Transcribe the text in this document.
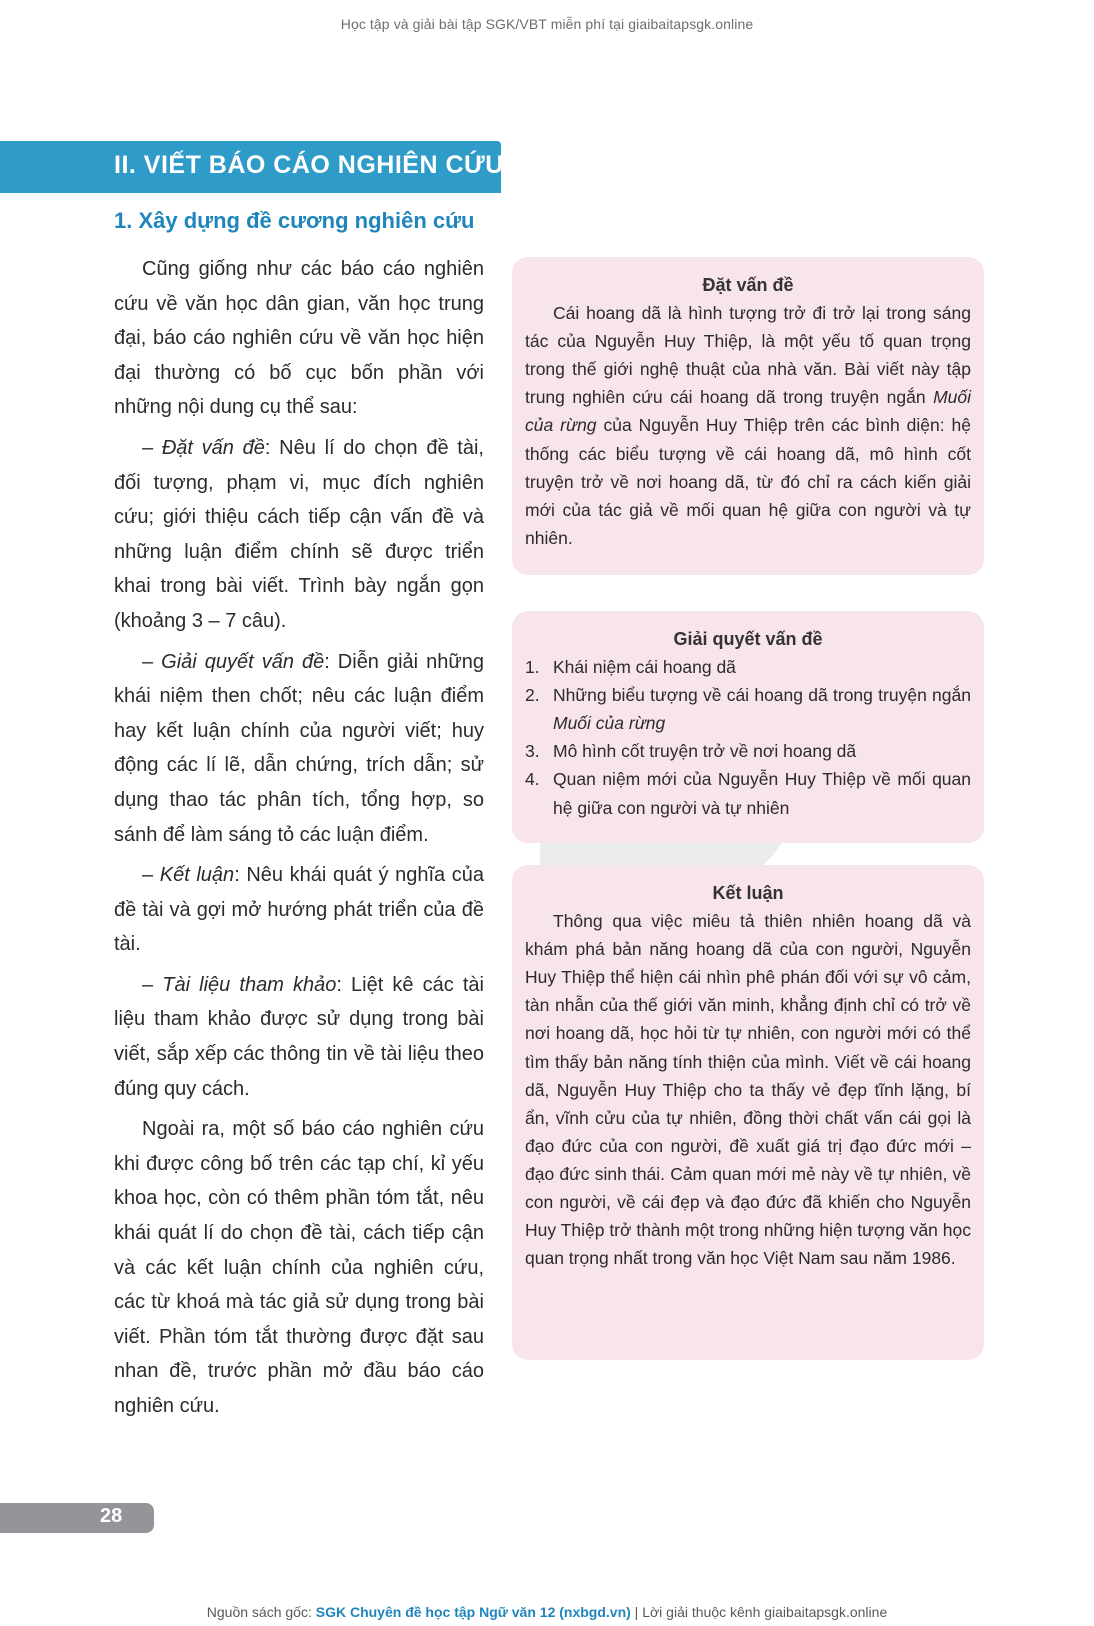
Học tập và giải bài tập SGK/VBT miễn phí tại giaibaitapsgk.online
II. VIẾT BÁO CÁO NGHIÊN CỨU
1. Xây dựng đề cương nghiên cứu

Cũng giống như các báo cáo nghiên cứu về văn học dân gian, văn học trung đại, báo cáo nghiên cứu về văn học hiện đại thường có bố cục bốn phần với những nội dung cụ thể sau:

– Đặt vấn đề: Nêu lí do chọn đề tài, đối tượng, phạm vi, mục đích nghiên cứu; giới thiệu cách tiếp cận vấn đề và những luận điểm chính sẽ được triển khai trong bài viết. Trình bày ngắn gọn (khoảng 3 – 7 câu).

– Giải quyết vấn đề: Diễn giải những khái niệm then chốt; nêu các luận điểm hay kết luận chính của người viết; huy động các lí lẽ, dẫn chứng, trích dẫn; sử dụng thao tác phân tích, tổng hợp, so sánh để làm sáng tỏ các luận điểm.

– Kết luận: Nêu khái quát ý nghĩa của đề tài và gợi mở hướng phát triển của đề tài.

– Tài liệu tham khảo: Liệt kê các tài liệu tham khảo được sử dụng trong bài viết, sắp xếp các thông tin về tài liệu theo đúng quy cách.

Ngoài ra, một số báo cáo nghiên cứu khi được công bố trên các tạp chí, kỉ yếu khoa học, còn có thêm phần tóm tắt, nêu khái quát lí do chọn đề tài, cách tiếp cận và các kết luận chính của nghiên cứu, các từ khoá mà tác giả sử dụng trong bài viết. Phần tóm tắt thường được đặt sau nhan đề, trước phần mở đầu báo cáo nghiên cứu.

Đặt vấn đề

Cái hoang dã là hình tượng trở đi trở lại trong sáng tác của Nguyễn Huy Thiệp, là một yếu tố quan trọng trong thế giới nghệ thuật của nhà văn. Bài viết này tập trung nghiên cứu cái hoang dã trong truyện ngắn Muối của rừng của Nguyễn Huy Thiệp trên các bình diện: hệ thống các biểu tượng về cái hoang dã, mô hình cốt truyện trở về nơi hoang dã, từ đó chỉ ra cách kiến giải mới của tác giả về mối quan hệ giữa con người và tự nhiên.

Giải quyết vấn đề
1. Khái niệm cái hoang dã
2. Những biểu tượng về cái hoang dã trong truyện ngắn Muối của rừng
3. Mô hình cốt truyện trở về nơi hoang dã
4. Quan niệm mới của Nguyễn Huy Thiệp về mối quan hệ giữa con người và tự nhiên
Kết luận

Thông qua việc miêu tả thiên nhiên hoang dã và khám phá bản năng hoang dã của con người, Nguyễn Huy Thiệp thể hiện cái nhìn phê phán đối với sự vô cảm, tàn nhẫn của thế giới văn minh, khẳng định chỉ có trở về nơi hoang dã, học hỏi từ tự nhiên, con người mới có thể tìm thấy bản năng tính thiện của mình. Viết về cái hoang dã, Nguyễn Huy Thiệp cho ta thấy vẻ đẹp tĩnh lặng, bí ẩn, vĩnh cửu của tự nhiên, đồng thời chất vấn cái gọi là đạo đức của con người, đề xuất giá trị đạo đức mới – đạo đức sinh thái. Cảm quan mới mẻ này về tự nhiên, về con người, về cái đẹp và đạo đức đã khiến cho Nguyễn Huy Thiệp trở thành một trong những hiện tượng văn học quan trọng nhất trong văn học Việt Nam sau năm 1986.

28
Nguồn sách gốc: SGK Chuyên đề học tập Ngữ văn 12 (nxbgd.vn) | Lời giải thuộc kênh giaibaitapsgk.online
